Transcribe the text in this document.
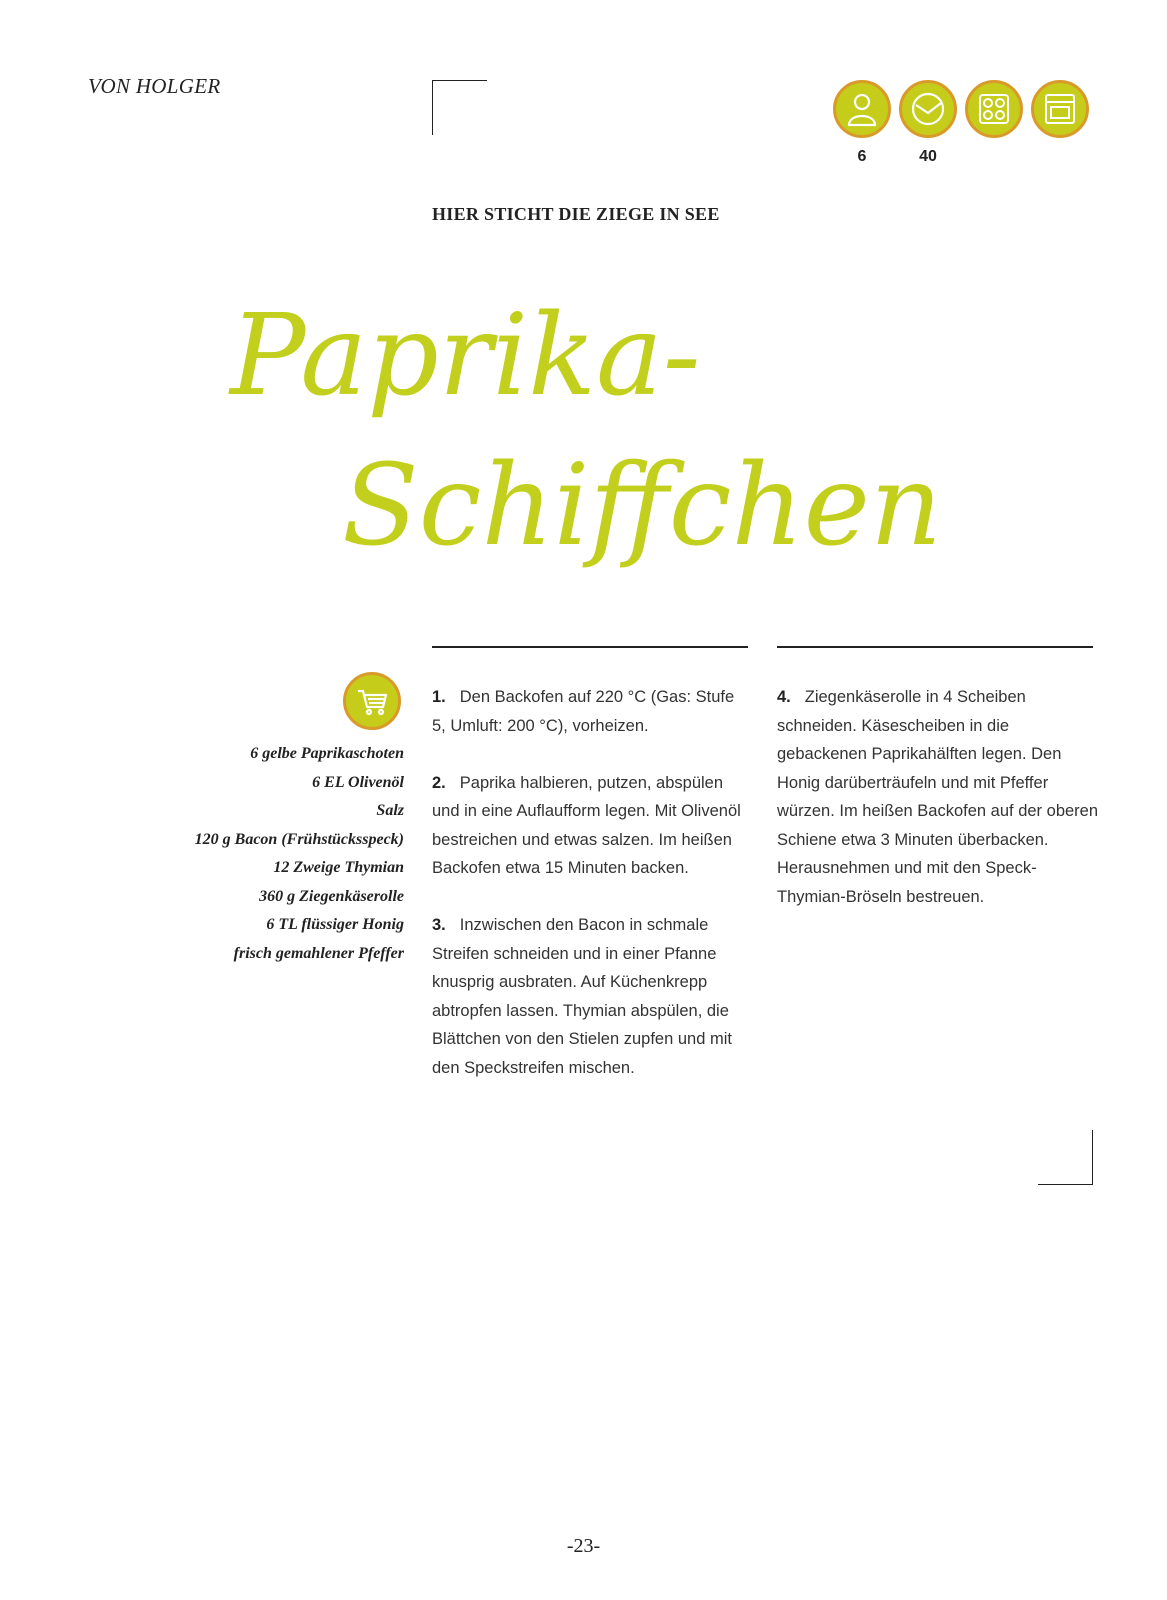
VON HOLGER
6	40
HIER STICHT DIE ZIEGE IN SEE
Paprika-
Schiffchen
6 gelbe Paprikaschoten
6 EL Olivenöl
Salz
120 g Bacon (Frühstücksspeck)
12 Zweige Thymian
360 g Ziegenkäserolle
6 TL flüssiger Honig
frisch gemahlener Pfeffer

1. Den Backofen auf 220 °C (Gas: Stufe 5, Umluft: 200 °C), vorheizen.

2. Paprika halbieren, putzen, abspülen und in eine Auflaufform legen. Mit Olivenöl bestreichen und etwas salzen. Im heißen Backofen etwa 15 Minuten backen.

3. Inzwischen den Bacon in schmale Streifen schneiden und in einer Pfanne knusprig ausbraten. Auf Küchenkrepp abtropfen lassen. Thymian abspülen, die Blättchen von den Stielen zupfen und mit den Speckstreifen mischen.

4. Ziegenkäserolle in 4 Scheiben schneiden. Käsescheiben in die gebackenen Paprikahälften legen. Den Honig darüberträufeln und mit Pfeffer würzen. Im heißen Backofen auf der oberen Schiene etwa 3 Minuten überbacken. Herausnehmen und mit den Speck-Thymian-Bröseln bestreuen.

-23-
